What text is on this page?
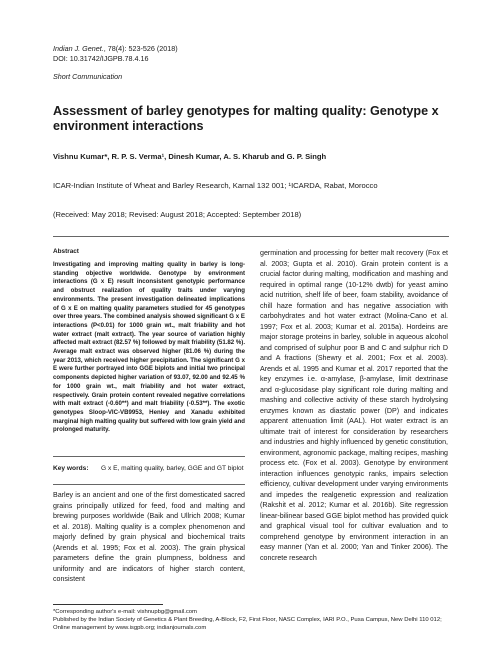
Indian J. Genet., 78(4): 523-526 (2018)
DOI: 10.31742/IJGPB.78.4.16
Short Communication
Assessment of barley genotypes for malting quality: Genotype x environment interactions
Vishnu Kumar*, R. P. S. Verma¹, Dinesh Kumar, A. S. Kharub and G. P. Singh
ICAR-Indian Institute of Wheat and Barley Research, Karnal 132 001; ¹ICARDA, Rabat, Morocco
(Received: May 2018; Revised: August 2018; Accepted: September 2018)
Abstract

Investigating and improving malting quality in barley is long-standing objective worldwide. Genotype by environment interactions (G x E) result inconsistent genotypic performance and obstruct realization of quality traits under varying environments. The present investigation delineated implications of G x E on malting quality parameters studied for 45 genotypes over three years. The combined analysis showed significant G x E interactions (P<0.01) for 1000 grain wt., malt friability and hot water extract (malt extract). The year source of variation highly affected malt extract (82.57 %) followed by malt friability (51.82 %). Average malt extract was observed higher (81.06 %) during the year 2013, which received higher precipitation. The significant G x E were further portrayed into GGE biplots and initial two principal components depicted higher variation of 93.07, 92.00 and 92.45 % for 1000 grain wt., malt friability and hot water extract, respectively. Grain protein content revealed negative correlations with malt extract (-0.60**) and malt friability (-0.53**). The exotic genotypes Sloop-VIC-VB9953, Henley and Xanadu exhibited marginal high malting quality but suffered with low grain yield and prolonged maturity.

Key words:	G x E, malting quality, barley, GGE and GT biplot

Barley is an ancient and one of the first domesticated sacred grains principally utilized for feed, food and malting and brewing purposes worldwide (Baik and Ullrich 2008; Kumar et al. 2018). Malting quality is a complex phenomenon and majorly defined by grain physical and biochemical traits (Arends et al. 1995; Fox et al. 2003). The grain physical parameters define the grain plumpness, boldness and uniformity and are indicators of higher starch content, consistent

germination and processing for better malt recovery (Fox et al. 2003; Gupta et al. 2010). Grain protein content is a crucial factor during malting, modification and mashing and required in optimal range (10-12% dwtb) for yeast amino acid nutrition, shelf life of beer, foam stability, avoidance of chill haze formation and has negative association with carbohydrates and hot water extract (Molina-Cano et al. 1997; Fox et al. 2003; Kumar et al. 2015a). Hordeins are major storage proteins in barley, soluble in aqueous alcohol and comprised of sulphur poor B and C and sulphur rich D and A fractions (Shewry et al. 2001; Fox et al. 2003). Arends et al. 1995 and Kumar et al. 2017 reported that the key enzymes i.e. α-amylase, β-amylase, limit dextrinase and α-glucosidase play significant role during malting and mashing and collective activity of these starch hydrolysing enzymes known as diastatic power (DP) and indicates apparent attenuation limit (AAL). Hot water extract is an ultimate trait of interest for consideration by researchers and industries and highly influenced by genetic constitution, environment, agronomic package, malting recipes, mashing process etc. (Fox et al. 2003). Genotype by environment interaction influences genotypic ranks, impairs selection efficiency, cultivar development under varying environments and impedes the realgenetic expression and realization (Rakshit et al. 2012; Kumar et al. 2016b). Site regression linear-bilinear based GGE biplot method has provided quick and graphical visual tool for cultivar evaluation and to comprehend genotype by environment interaction in an easy manner (Yan et al. 2000; Yan and Tinker 2006). The concrete research

*Corresponding author's e-mail: vishnupbg@gmail.com
Published by the Indian Society of Genetics & Plant Breeding, A-Block, F2, First Floor, NASC Complex, IARI P.O., Pusa Campus, New Delhi 110 012; Online management by www.isgpb.org; indianjournals.com
